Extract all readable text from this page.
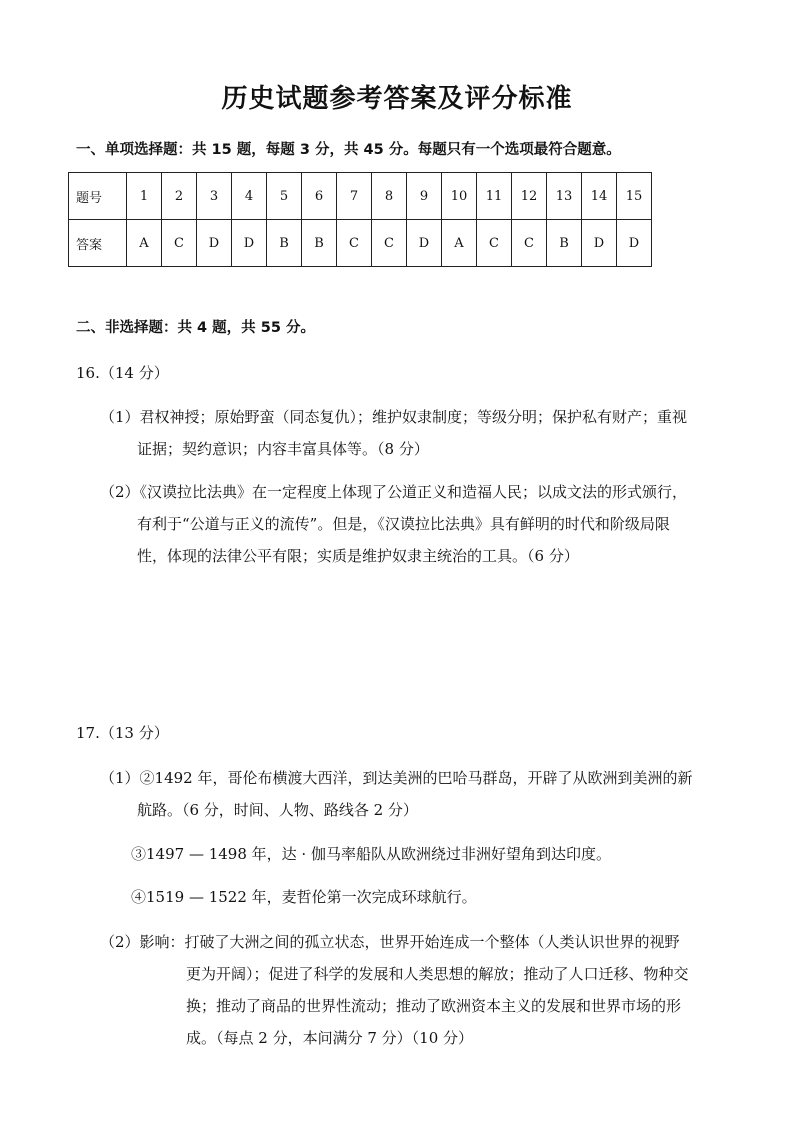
历史试题参考答案及评分标准
一、单项选择题：共 15 题，每题 3 分，共 45 分。每题只有一个选项最符合题意。
题号	1	2	3	4	5	6	7	8	9	10	11	12	13	14	15
答案	A	C	D	D	B	B	C	C	D	A	C	C	B	D	D
二、非选择题：共 4 题，共 55 分。
16.（14 分）
（1）君权神授；原始野蛮（同态复仇）；维护奴隶制度；等级分明；保护私有财产；重视
证据；契约意识；内容丰富具体等。（8 分）
（2）《汉谟拉比法典》在一定程度上体现了公道正义和造福人民；以成文法的形式颁行，
有利于“公道与正义的流传”。但是，《汉谟拉比法典》具有鲜明的时代和阶级局限
性，体现的法律公平有限；实质是维护奴隶主统治的工具。（6 分）
17.（13 分）
（1）②1492 年，哥伦布横渡大西洋，到达美洲的巴哈马群岛，开辟了从欧洲到美洲的新
航路。（6 分，时间、人物、路线各 2 分）
③1497 — 1498 年，达 · 伽马率船队从欧洲绕过非洲好望角到达印度。
④1519 — 1522 年，麦哲伦第一次完成环球航行。
（2）影响：打破了大洲之间的孤立状态，世界开始连成一个整体（人类认识世界的视野
更为开阔）；促进了科学的发展和人类思想的解放；推动了人口迁移、物种交
换；推动了商品的世界性流动；推动了欧洲资本主义的发展和世界市场的形
成。（每点 2 分，本问满分 7 分）（10 分）
